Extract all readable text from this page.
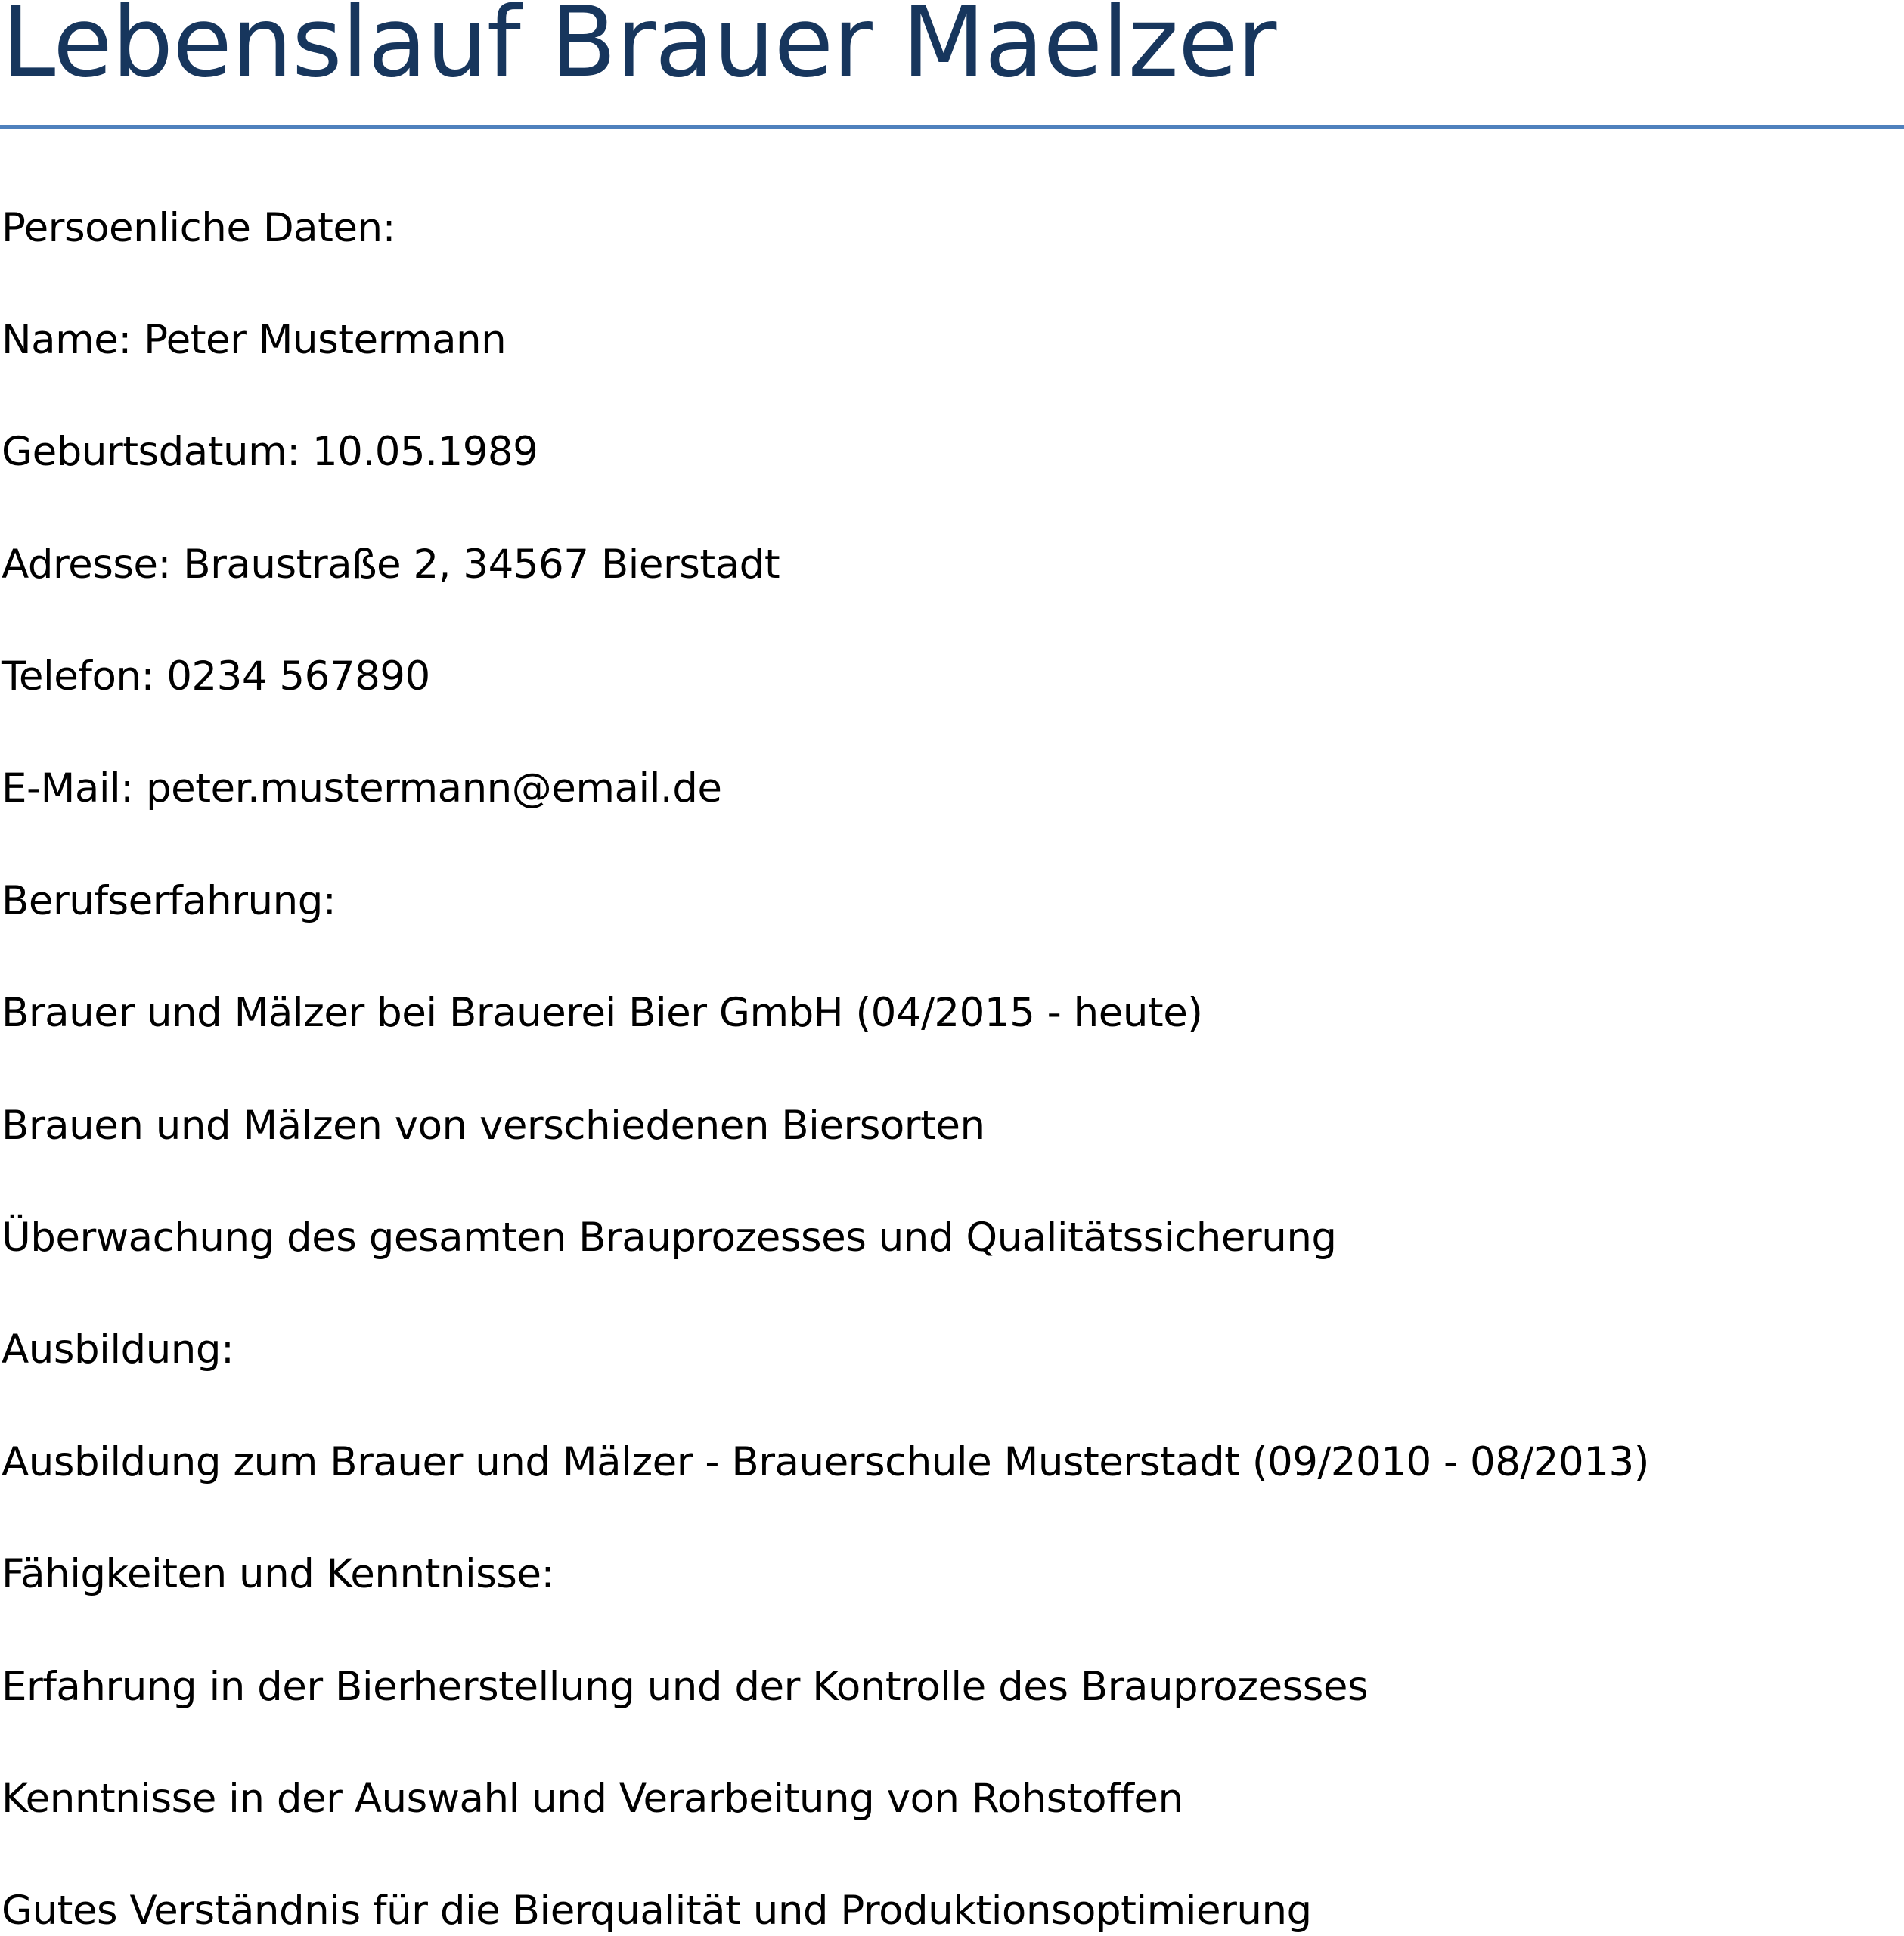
Lebenslauf Brauer Maelzer

Persoenliche Daten:

Name: Peter Mustermann

Geburtsdatum: 10.05.1989

Adresse: Braustraße 2, 34567 Bierstadt

Telefon: 0234 567890

E-Mail: peter.mustermann@email.de

Berufserfahrung:

Brauer und Mälzer bei Brauerei Bier GmbH (04/2015 - heute)

Brauen und Mälzen von verschiedenen Biersorten

Überwachung des gesamten Brauprozesses und Qualitätssicherung

Ausbildung:

Ausbildung zum Brauer und Mälzer - Brauerschule Musterstadt (09/2010 - 08/2013)

Fähigkeiten und Kenntnisse:

Erfahrung in der Bierherstellung und der Kontrolle des Brauprozesses

Kenntnisse in der Auswahl und Verarbeitung von Rohstoffen

Gutes Verständnis für die Bierqualität und Produktionsoptimierung
